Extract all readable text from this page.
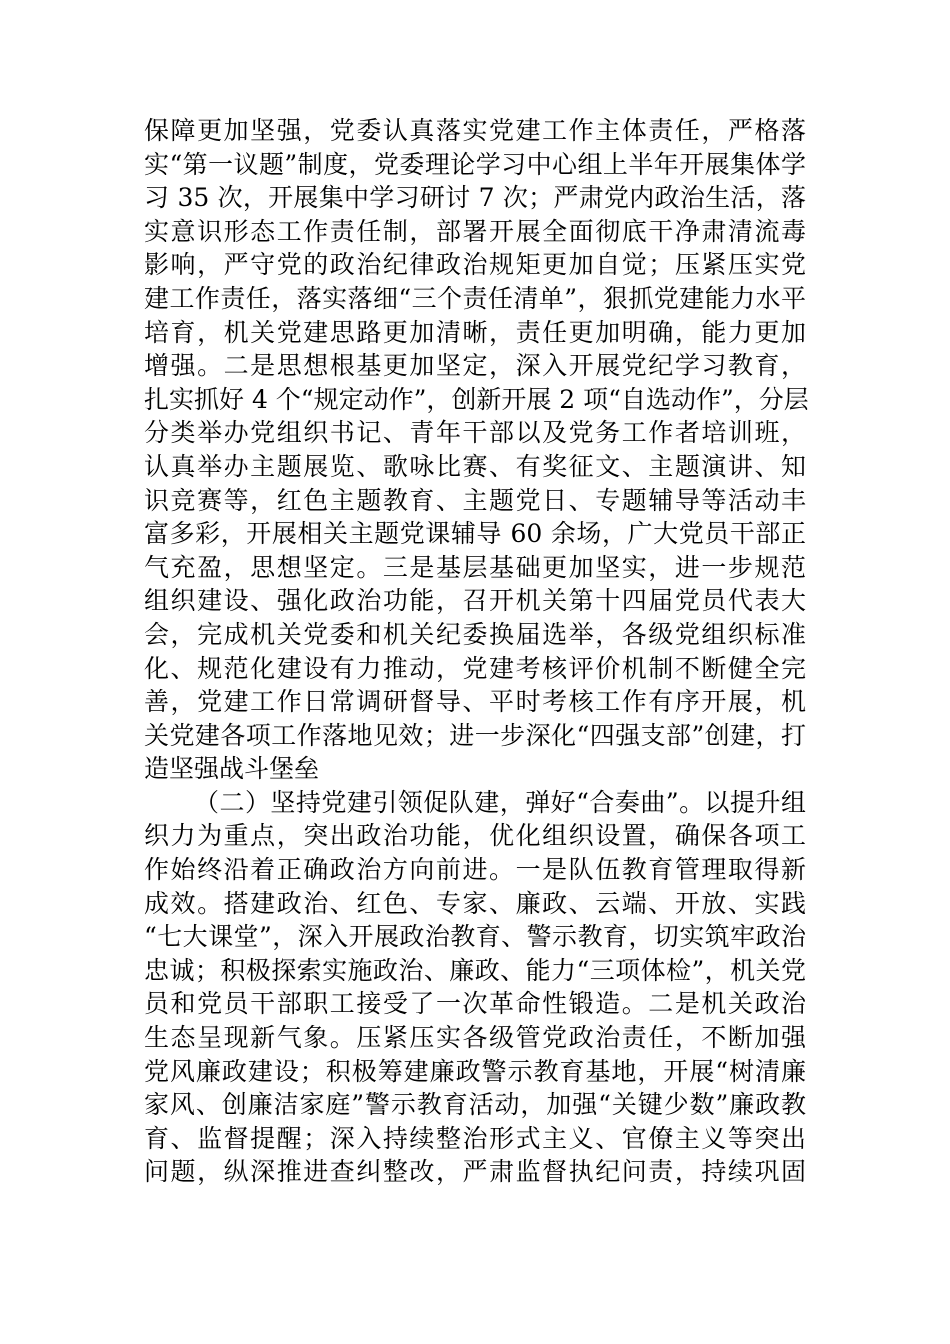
保障更加坚强，党委认真落实党建工作主体责任，严格落
实“第一议题”制度，党委理论学习中心组上半年开展集体学
习 35 次，开展集中学习研讨 7 次；严肃党内政治生活，落
实意识形态工作责任制，部署开展全面彻底干净肃清流毒
影响，严守党的政治纪律政治规矩更加自觉；压紧压实党
建工作责任，落实落细“三个责任清单”，狠抓党建能力水平
培育，机关党建思路更加清晰，责任更加明确，能力更加
增强。二是思想根基更加坚定，深入开展党纪学习教育，
扎实抓好 4 个“规定动作”，创新开展 2 项“自选动作”，分层
分类举办党组织书记、青年干部以及党务工作者培训班，
认真举办主题展览、歌咏比赛、有奖征文、主题演讲、知
识竞赛等，红色主题教育、主题党日、专题辅导等活动丰
富多彩，开展相关主题党课辅导 60 余场，广大党员干部正
气充盈，思想坚定。三是基层基础更加坚实，进一步规范
组织建设、强化政治功能，召开机关第十四届党员代表大
会，完成机关党委和机关纪委换届选举，各级党组织标准
化、规范化建设有力推动，党建考核评价机制不断健全完
善，党建工作日常调研督导、平时考核工作有序开展，机
关党建各项工作落地见效；进一步深化“四强支部”创建，打
造坚强战斗堡垒
（二）坚持党建引领促队建，弹好“合奏曲”。以提升组
织力为重点，突出政治功能，优化组织设置，确保各项工
作始终沿着正确政治方向前进。一是队伍教育管理取得新
成效。搭建政治、红色、专家、廉政、云端、开放、实践
“七大课堂”，深入开展政治教育、警示教育，切实筑牢政治
忠诚；积极探索实施政治、廉政、能力“三项体检”，机关党
员和党员干部职工接受了一次革命性锻造。二是机关政治
生态呈现新气象。压紧压实各级管党政治责任，不断加强
党风廉政建设；积极筹建廉政警示教育基地，开展“树清廉
家风、创廉洁家庭”警示教育活动，加强“关键少数”廉政教
育、监督提醒；深入持续整治形式主义、官僚主义等突出
问题，纵深推进查纠整改，严肃监督执纪问责，持续巩固
